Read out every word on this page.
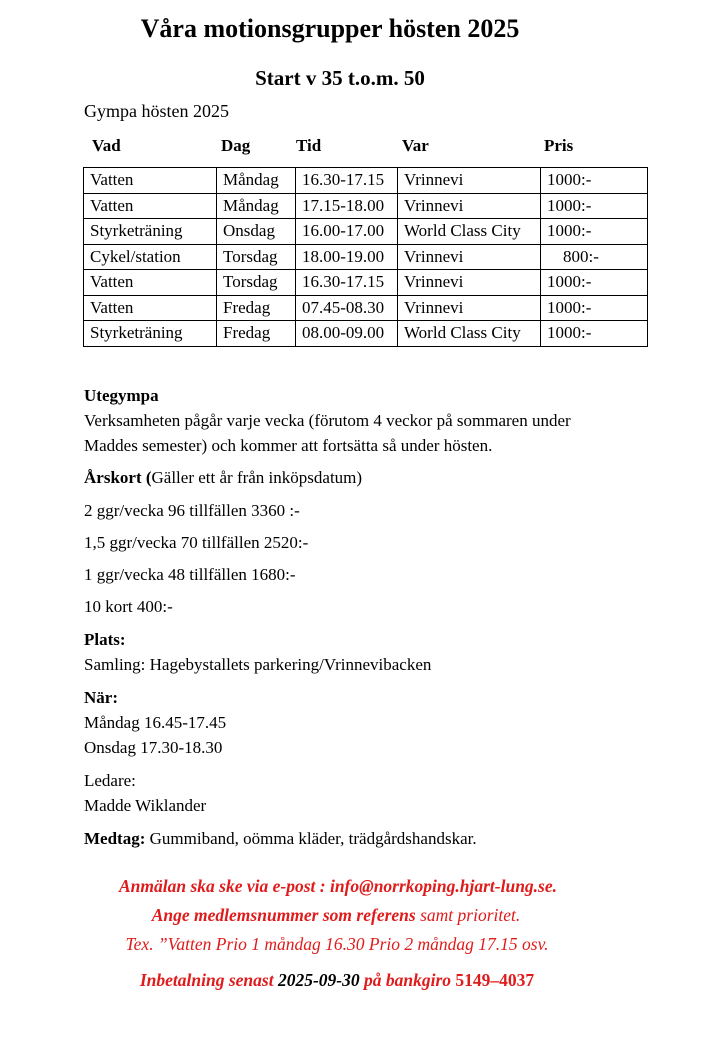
Våra motionsgrupper hösten 2025
Start v 35 t.o.m. 50
Gympa hösten 2025
Vad	Dag	Tid	Var	Pris
Vatten	Måndag	16.30-17.15	Vrinnevi	1000:-
Vatten	Måndag	17.15-18.00	Vrinnevi	1000:-
Styrketräning	Onsdag	16.00-17.00	World Class City	1000:-
Cykel/station	Torsdag	18.00-19.00	Vrinnevi	800:-
Vatten	Torsdag	16.30-17.15	Vrinnevi	1000:-
Vatten	Fredag	07.45-08.30	Vrinnevi	1000:-
Styrketräning	Fredag	08.00-09.00	World Class City	1000:-
Utegympa
Verksamheten pågår varje vecka (förutom 4 veckor på sommaren under
Maddes semester) och kommer att fortsätta så under hösten.
Årskort (Gäller ett år från inköpsdatum)
2 ggr/vecka 96 tillfällen 3360 :-
1,5 ggr/vecka 70 tillfällen 2520:-
1 ggr/vecka 48 tillfällen 1680:-
10 kort 400:-
Plats:
Samling: Hagebystallets parkering/Vrinnevibacken
När:
Måndag 16.45-17.45
Onsdag 17.30-18.30
Ledare:
Madde Wiklander
Medtag: Gummiband, oömma kläder, trädgårdshandskar.
Anmälan ska ske via e-post : info@norrkoping.hjart-lung.se.
Ange medlemsnummer som referens samt prioritet.
Tex. ”Vatten Prio 1 måndag 16.30 Prio 2 måndag 17.15 osv.
Inbetalning senast 2025-09-30 på bankgiro 5149–4037
